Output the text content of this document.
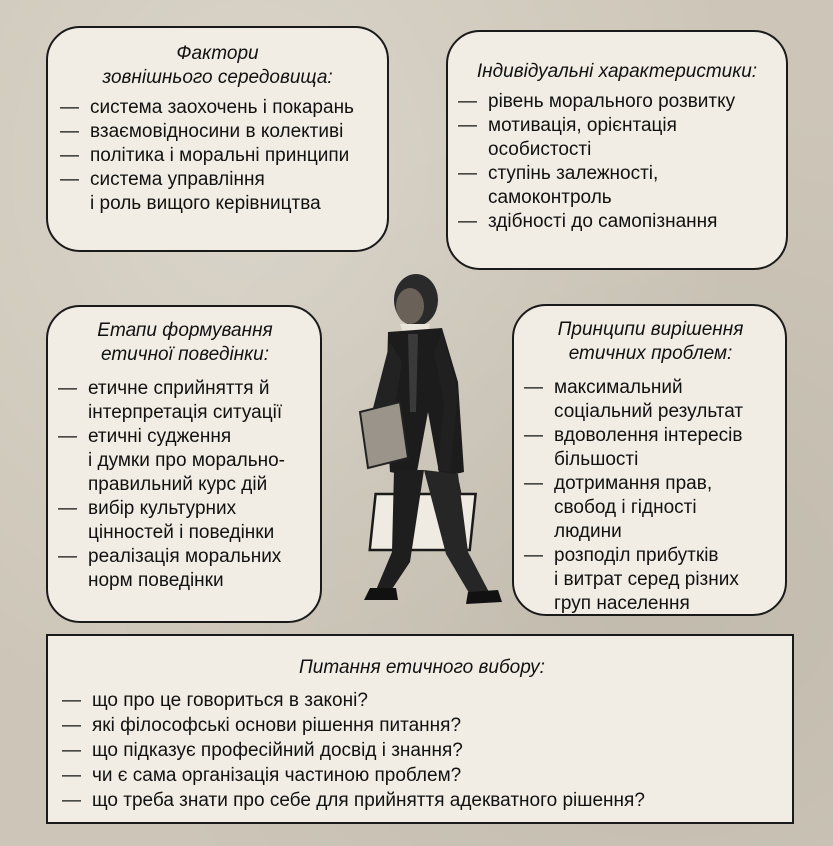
Фактори
зовнішнього середовища:

— система заохочень і покарань
— взаємовідносини в колективі
— політика і моральні принципи
— система управління
і роль вищого керівництва

Індивідуальні характеристики:

— рівень морального розвитку
— мотивація, орієнтація
особистості
— ступінь залежності,
самоконтроль
— здібності до самопізнання

Етапи формування
етичної поведінки:

— етичне сприйняття й
інтерпретація ситуації
— етичні судження
і думки про морально-
правильний курс дій
— вибір культурних
цінностей і поведінки
— реалізація моральних
норм поведінки

Принципи вирішення
етичних проблем:

— максимальний
соціальний результат
— вдоволення інтересів
більшості
— дотримання прав,
свобод і гідності
людини
— розподіл прибутків
і витрат серед різних
груп населення

Питання етичного вибору:

— що про це говориться в законі?
— які філософські основи рішення питання?
— що підказує професійний досвід і знання?
— чи є сама організація частиною проблем?
— що треба знати про себе для прийняття адекватного рішення?
